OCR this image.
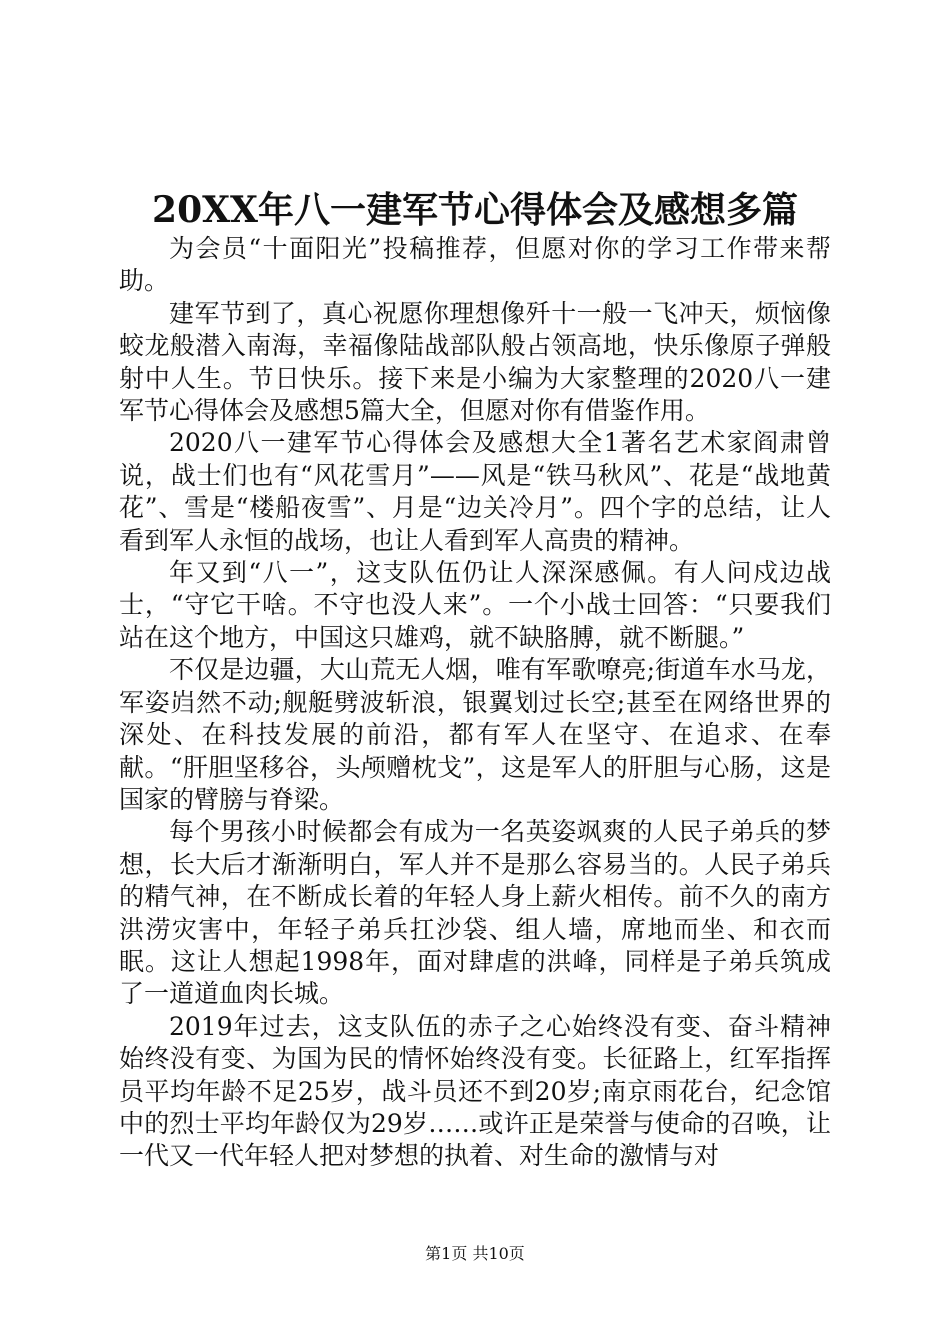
20XX年八一建军节心得体会及感想多篇

为会员“十面阳光”投稿推荐，但愿对你的学习工作带来帮助。

建军节到了，真心祝愿你理想像歼十一般一飞冲天，烦恼像蛟龙般潜入南海，幸福像陆战部队般占领高地，快乐像原子弹般射中人生。节日快乐。接下来是小编为大家整理的2020八一建军节心得体会及感想5篇大全，但愿对你有借鉴作用。

2020八一建军节心得体会及感想大全1著名艺术家阎肃曾说，战士们也有“风花雪月”——风是“铁马秋风”、花是“战地黄花”、雪是“楼船夜雪”、月是“边关冷月”。四个字的总结，让人看到军人永恒的战场，也让人看到军人高贵的精神。

年又到“八一”，这支队伍仍让人深深感佩。有人问戍边战士，“守它干啥。不守也没人来”。一个小战士回答：“只要我们站在这个地方，中国这只雄鸡，就不缺胳膊，就不断腿。”

不仅是边疆，大山荒无人烟，唯有军歌嘹亮;街道车水马龙，军姿岿然不动;舰艇劈波斩浪，银翼划过长空;甚至在网络世界的深处、在科技发展的前沿，都有军人在坚守、在追求、在奉献。“肝胆坚移谷，头颅赠枕戈”，这是军人的肝胆与心肠，这是国家的臂膀与脊梁。

每个男孩小时候都会有成为一名英姿飒爽的人民子弟兵的梦想，长大后才渐渐明白，军人并不是那么容易当的。人民子弟兵的精气神，在不断成长着的年轻人身上薪火相传。前不久的南方洪涝灾害中，年轻子弟兵扛沙袋、组人墙，席地而坐、和衣而眠。这让人想起1998年，面对肆虐的洪峰，同样是子弟兵筑成了一道道血肉长城。

2019年过去，这支队伍的赤子之心始终没有变、奋斗精神始终没有变、为国为民的情怀始终没有变。长征路上，红军指挥员平均年龄不足25岁，战斗员还不到20岁;南京雨花台，纪念馆中的烈士平均年龄仅为29岁……或许正是荣誉与使命的召唤，让一代又一代年轻人把对梦想的执着、对生命的激情与对

第1页 共10页
